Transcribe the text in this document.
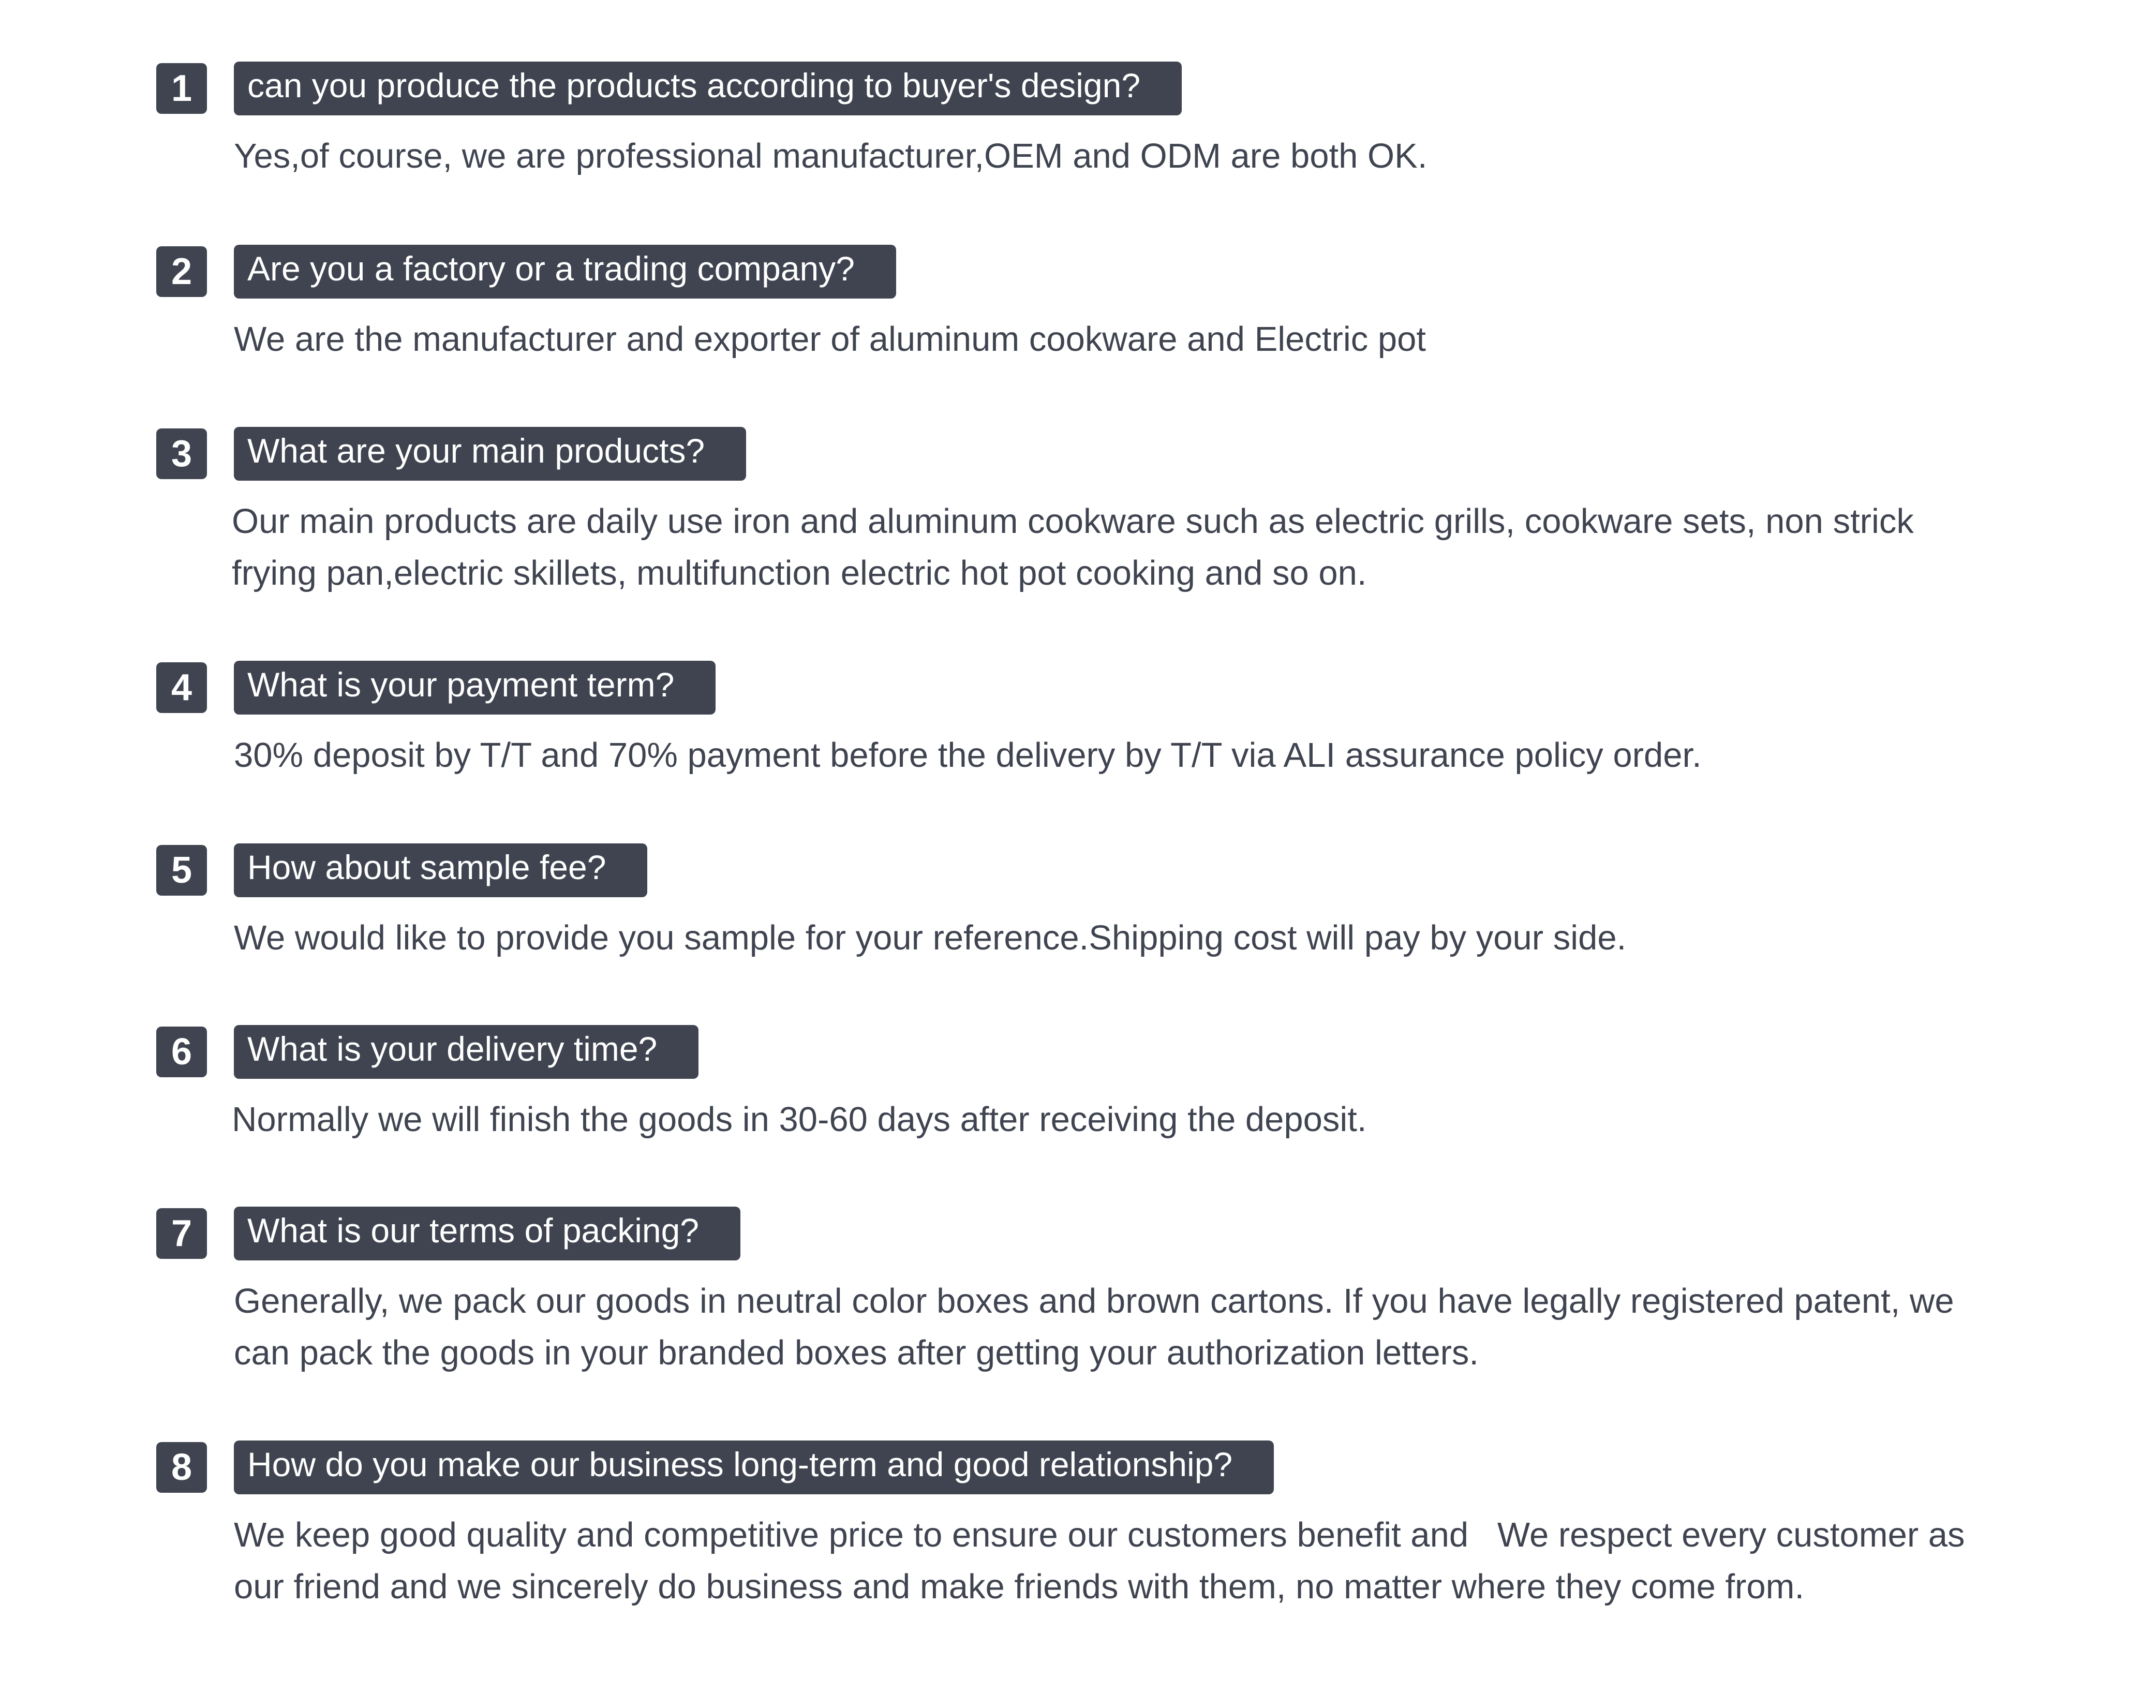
1	can you produce the products according to buyer's design?

Yes,of course, we are professional manufacturer,OEM and ODM are both OK.

2	Are you a factory or a trading company?

We are the manufacturer and exporter of aluminum cookware and Electric pot

3	What are your main products?

Our main products are daily use iron and aluminum cookware such as electric grills, cookware sets, non strick frying pan,electric skillets, multifunction electric hot pot cooking and so on.

4	What is your payment term?

30% deposit by T/T and 70% payment before the delivery by T/T via ALI assurance policy order.

5	How about sample fee?

We would like to provide you sample for your reference.Shipping cost will pay by your side.

6	What is your delivery time?

Normally we will finish the goods in 30-60 days after receiving the deposit.

7	What is our terms of packing?

Generally, we pack our goods in neutral color boxes and brown cartons. If you have legally registered patent, we can pack the goods in your branded boxes after getting your authorization letters.

8	How do you make our business long-term and good relationship?

We keep good quality and competitive price to ensure our customers benefit and   We respect every customer as our friend and we sincerely do business and make friends with them, no matter where they come from.
